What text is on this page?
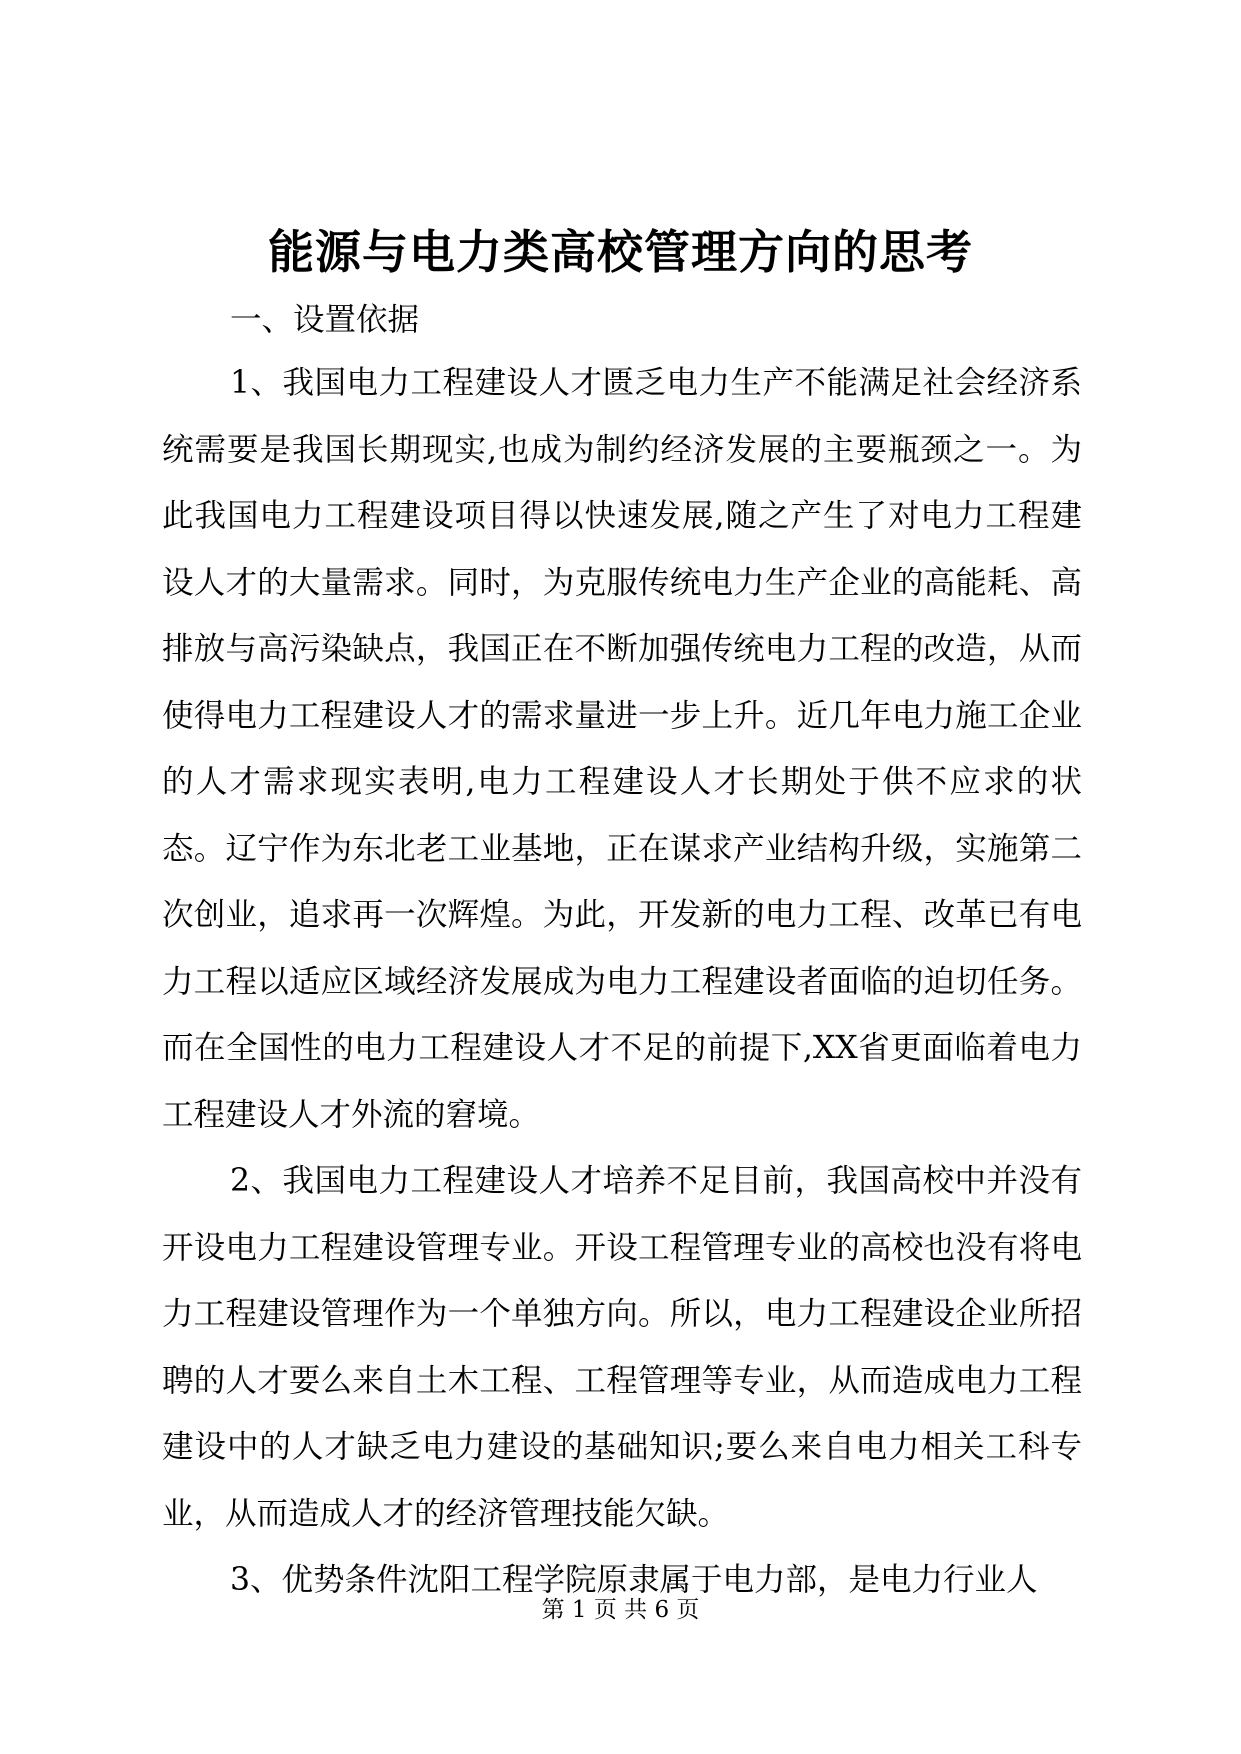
能源与电力类高校管理方向的思考
一、设置依据

1、我国电力工程建设人才匮乏电力生产不能满足社会经济系统需要是我国长期现实,也成为制约经济发展的主要瓶颈之一。为此我国电力工程建设项目得以快速发展,随之产生了对电力工程建设人才的大量需求。同时，为克服传统电力生产企业的高能耗、高排放与高污染缺点，我国正在不断加强传统电力工程的改造，从而使得电力工程建设人才的需求量进一步上升。近几年电力施工企业的人才需求现实表明,电力工程建设人才长期处于供不应求的状态。辽宁作为东北老工业基地，正在谋求产业结构升级，实施第二次创业，追求再一次辉煌。为此，开发新的电力工程、改革已有电力工程以适应区域经济发展成为电力工程建设者面临的迫切任务。而在全国性的电力工程建设人才不足的前提下,XX省更面临着电力工程建设人才外流的窘境。

2、我国电力工程建设人才培养不足目前，我国高校中并没有开设电力工程建设管理专业。开设工程管理专业的高校也没有将电力工程建设管理作为一个单独方向。所以，电力工程建设企业所招聘的人才要么来自土木工程、工程管理等专业，从而造成电力工程建设中的人才缺乏电力建设的基础知识;要么来自电力相关工科专业，从而造成人才的经济管理技能欠缺。

3、优势条件沈阳工程学院原隶属于电力部，是电力行业人

第 1 页 共 6 页
